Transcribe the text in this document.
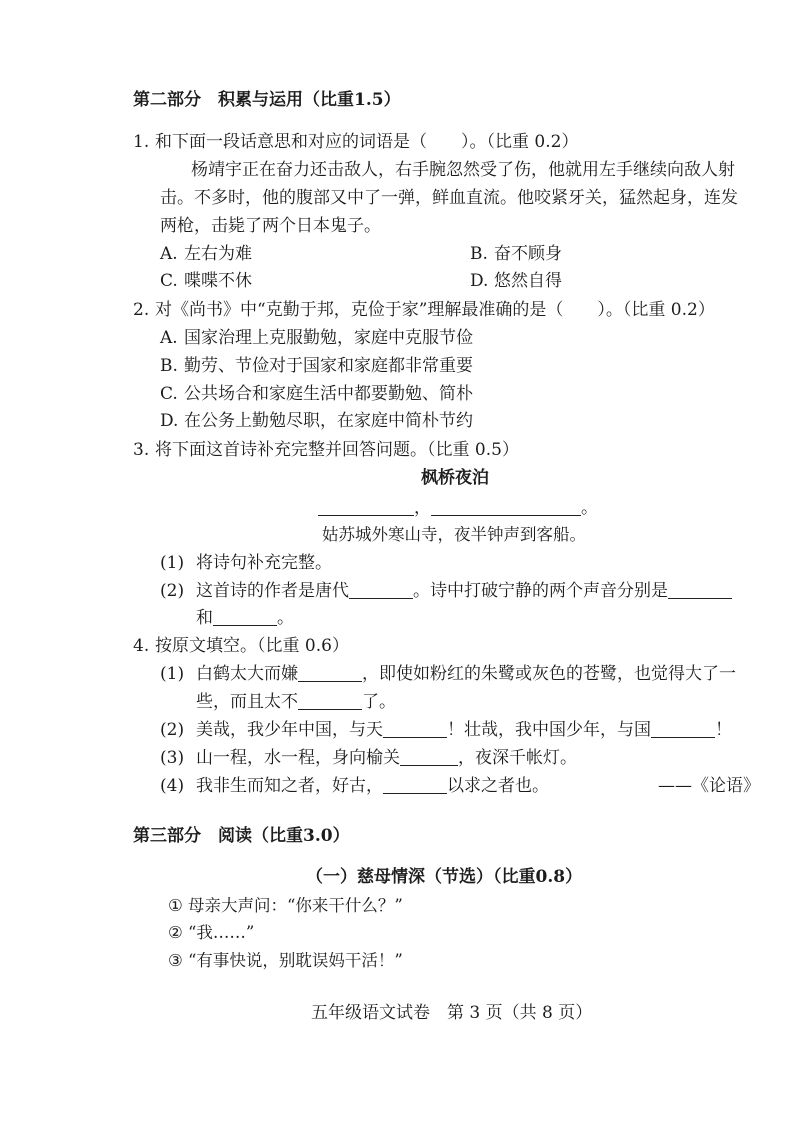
第二部分　积累与运用（比重1.5）
1. 和下面一段话意思和对应的词语是（　　）。（比重 0.2）
杨靖宇正在奋力还击敌人，右手腕忽然受了伤，他就用左手继续向敌人射
击。不多时，他的腹部又中了一弹，鲜血直流。他咬紧牙关，猛然起身，连发
两枪，击毙了两个日本鬼子。
A. 左右为难	B. 奋不顾身
C. 喋喋不休	D. 悠然自得
2. 对《尚书》中“克勤于邦，克俭于家”理解最准确的是（　　）。（比重 0.2）
A. 国家治理上克服勤勉，家庭中克服节俭
B. 勤劳、节俭对于国家和家庭都非常重要
C. 公共场合和家庭生活中都要勤勉、简朴
D. 在公务上勤勉尽职，在家庭中简朴节约
3. 将下面这首诗补充完整并回答问题。（比重 0.5）
枫桥夜泊
，	。
姑苏城外寒山寺，夜半钟声到客船。
(1) 将诗句补充完整。
(2) 这首诗的作者是唐代	。诗中打破宁静的两个声音分别是
和	。
4. 按原文填空。（比重 0.6）
(1) 白鹤太大而嫌	，即使如粉红的朱鹭或灰色的苍鹭，也觉得大了一
些，而且太不	了。
(2) 美哉，我少年中国，与天	！壮哉，我中国少年，与国	！
(3) 山一程，水一程，身向榆关	，夜深千帐灯。
(4) 我非生而知之者，好古，	以求之者也。	——《论语》
第三部分　阅读（比重3.0）
（一）慈母情深（节选）（比重0.8）
① 母亲大声问：“你来干什么？”
② “我……”
③ “有事快说，别耽误妈干活！”
五年级语文试卷　第 3 页（共 8 页）
